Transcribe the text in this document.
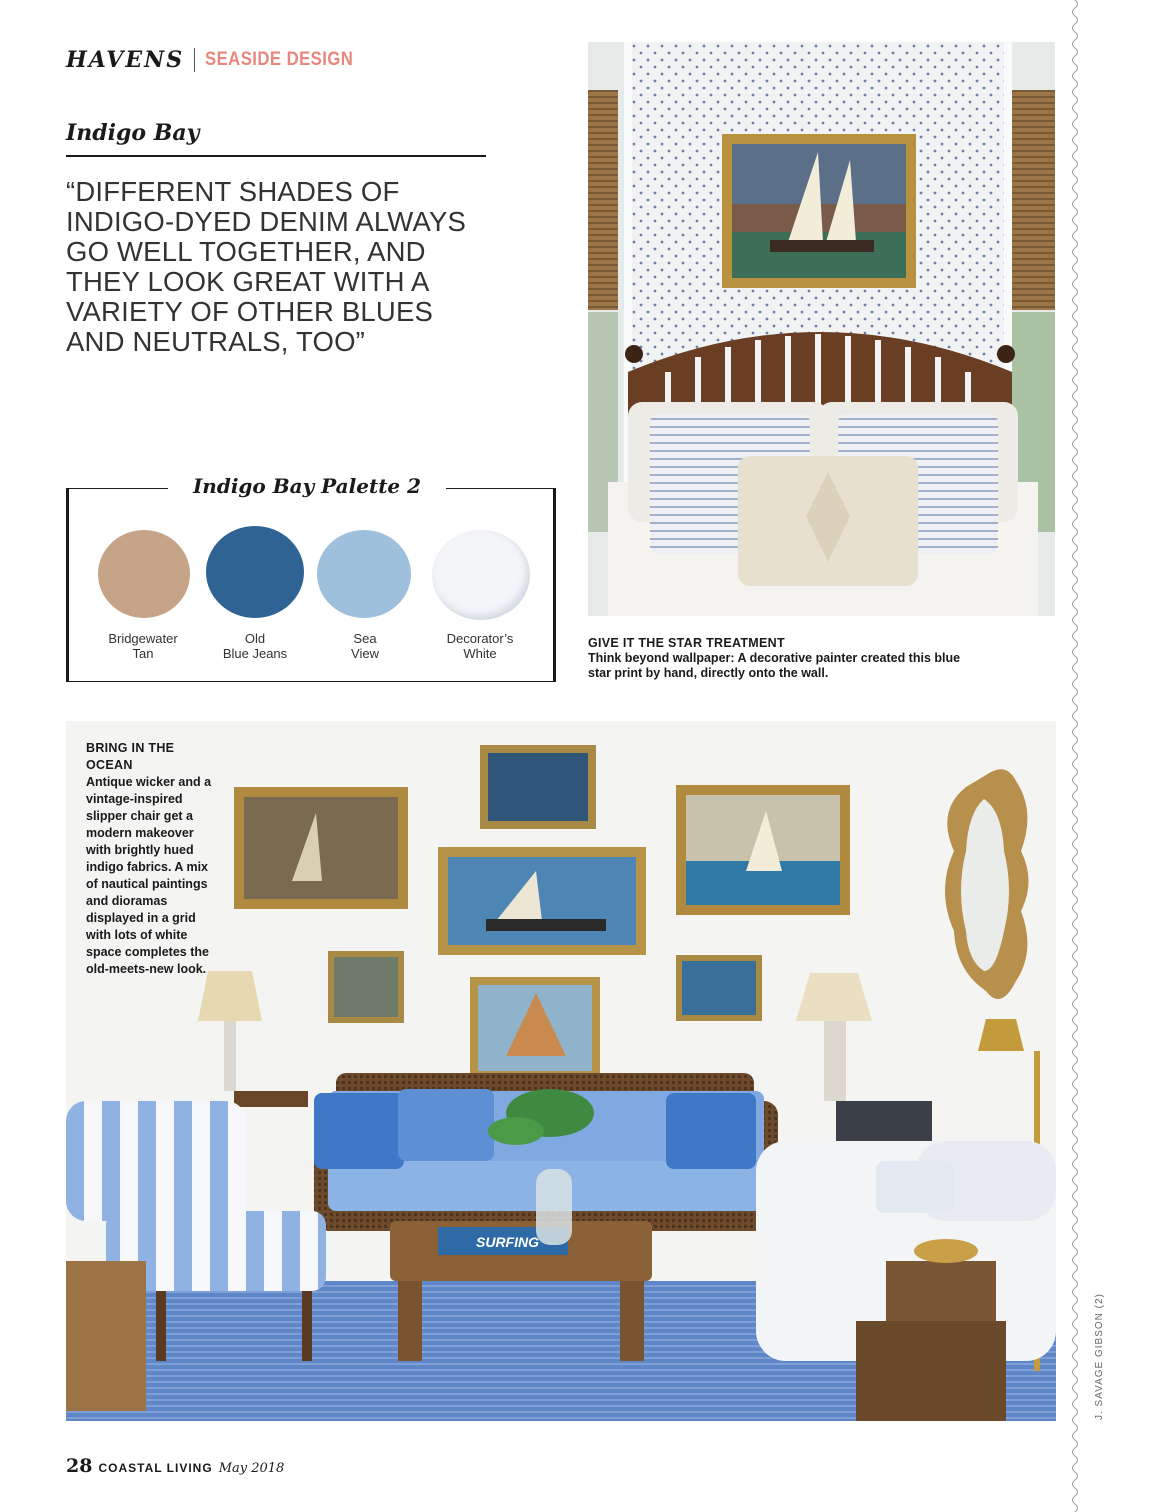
HAVENS SEASIDE DESIGN
Indigo Bay
“DIFFERENT SHADES OF INDIGO-DYED DENIM ALWAYS GO WELL TOGETHER, AND THEY LOOK GREAT WITH A VARIETY OF OTHER BLUES AND NEUTRALS, TOO”
Indigo Bay Palette 2
Bridgewater
Tan
Old
Blue Jeans
Sea
View
Decorator’s
White
GIVE IT THE STAR TREATMENT
Think beyond wallpaper: A decorative painter created this blue star print by hand, directly onto the wall.
SURFING
BRING IN THE OCEAN
Antique wicker and a vintage-inspired slipper chair get a modern makeover with brightly hued indigo fabrics. A mix of nautical paintings and dioramas displayed in a grid with lots of white space completes the old-meets-new look.
J. SAVAGE GIBSON (2)
28 COASTAL LIVING May 2018
